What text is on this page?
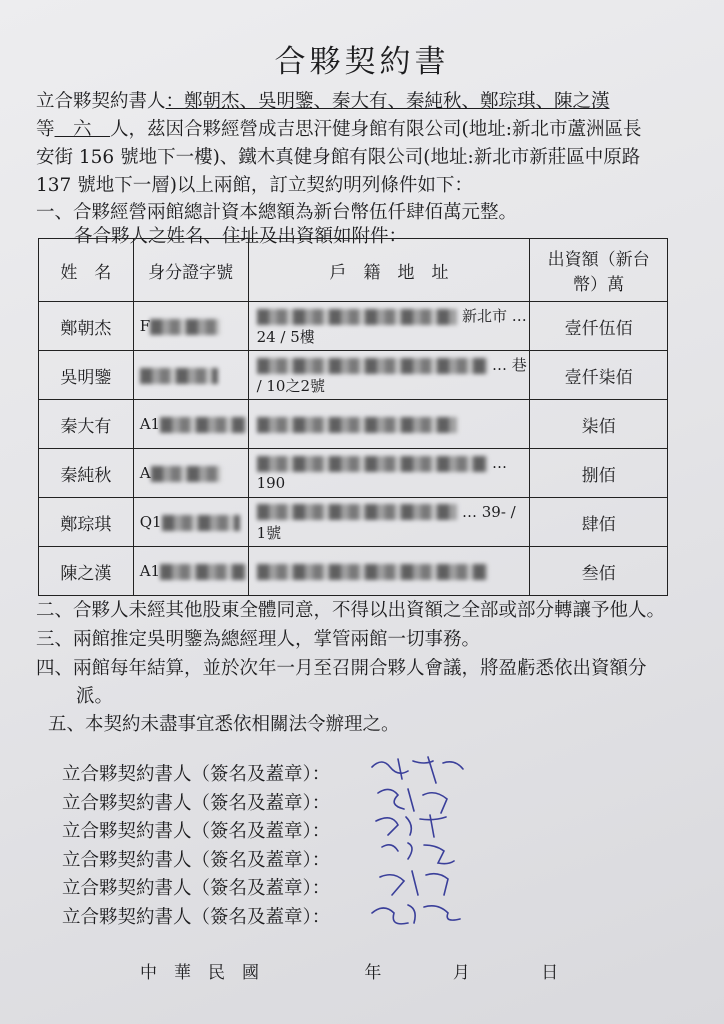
合夥契約書
立合夥契約書人：鄭朝杰、吳明鑒、秦大有、秦純秋、鄭琮琪、陳之漢
等　六　人，茲因合夥經營成吉思汗健身館有限公司(地址:新北市蘆洲區長
安街 156 號地下一樓)、鐵木真健身館有限公司(地址:新北市新莊區中原路
137 號地下一層)以上兩館，訂立契約明列條件如下：
一、合夥經營兩館總計資本總額為新台幣伍仟肆佰萬元整。
各合夥人之姓名、住址及出資額如附件：
姓　名	身分證字號	戶　籍　地　址	出資額（新台幣）萬
鄭朝杰	F	新北市 … 24 / 5樓	壹仟伍佰
吳明鑒		… 巷 / 10之2號	壹仟柒佰
秦大有	A1		柒佰
秦純秋	A	… 190	捌佰
鄭琮琪	Q1	… 39- / 1號	肆佰
陳之漢	A1		叁佰
二、合夥人未經其他股東全體同意，不得以出資額之全部或部分轉讓予他人。
三、兩館推定吳明鑒為總經理人，掌管兩館一切事務。
四、兩館每年結算，並於次年一月至召開合夥人會議，將盈虧悉依出資額分
派。
五、本契約未盡事宜悉依相關法令辦理之。
立合夥契約書人（簽名及蓋章）：
立合夥契約書人（簽名及蓋章）：
立合夥契約書人（簽名及蓋章）：
立合夥契約書人（簽名及蓋章）：
立合夥契約書人（簽名及蓋章）：
立合夥契約書人（簽名及蓋章）：
中　華　民　國	年	月	日
